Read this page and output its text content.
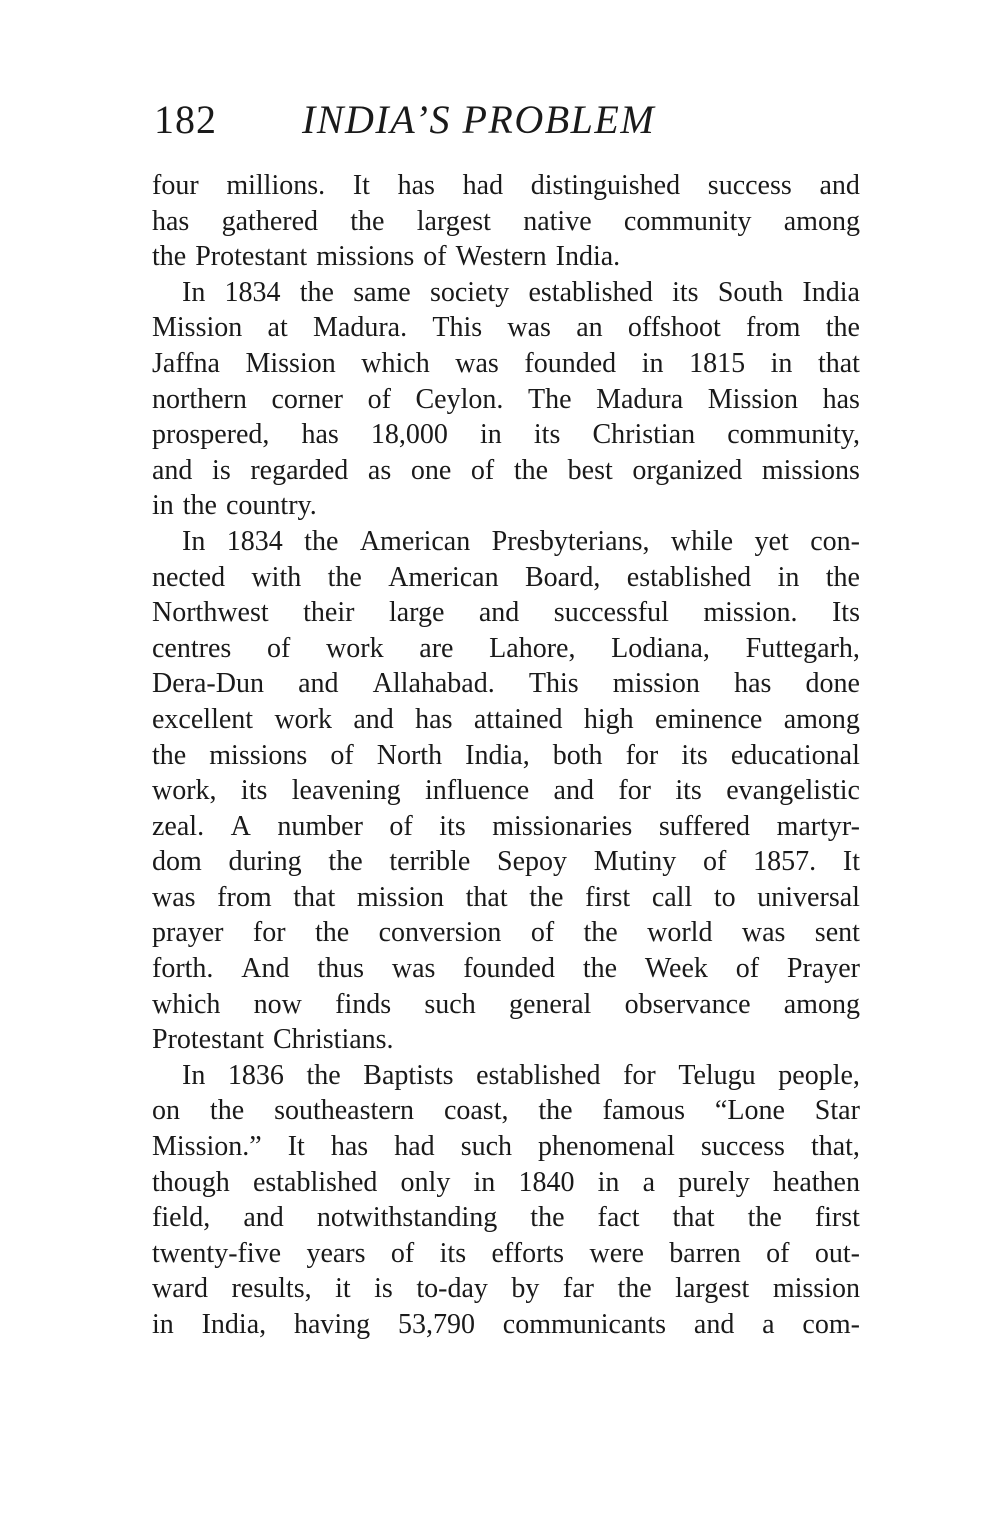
182 INDIA’S PROBLEM
four millions. It has had distinguished success and
has gathered the largest native community among
the Protestant missions of Western India.
In 1834 the same society established its South India
Mission at Madura. This was an offshoot from the
Jaffna Mission which was founded in 1815 in that
northern corner of Ceylon. The Madura Mission has
prospered, has 18,000 in its Christian community,
and is regarded as one of the best organized missions
in the country.
In 1834 the American Presbyterians, while yet con-
nected with the American Board, established in the
Northwest their large and successful mission. Its
centres of work are Lahore, Lodiana, Futtegarh,
Dera-Dun and Allahabad. This mission has done
excellent work and has attained high eminence among
the missions of North India, both for its educational
work, its leavening influence and for its evangelistic
zeal. A number of its missionaries suffered martyr-
dom during the terrible Sepoy Mutiny of 1857. It
was from that mission that the first call to universal
prayer for the conversion of the world was sent
forth. And thus was founded the Week of Prayer
which now finds such general observance among
Protestant Christians.
In 1836 the Baptists established for Telugu people,
on the southeastern coast, the famous “Lone Star
Mission.” It has had such phenomenal success that,
though established only in 1840 in a purely heathen
field, and notwithstanding the fact that the first
twenty-five years of its efforts were barren of out-
ward results, it is to-day by far the largest mission
in India, having 53,790 communicants and a com-
